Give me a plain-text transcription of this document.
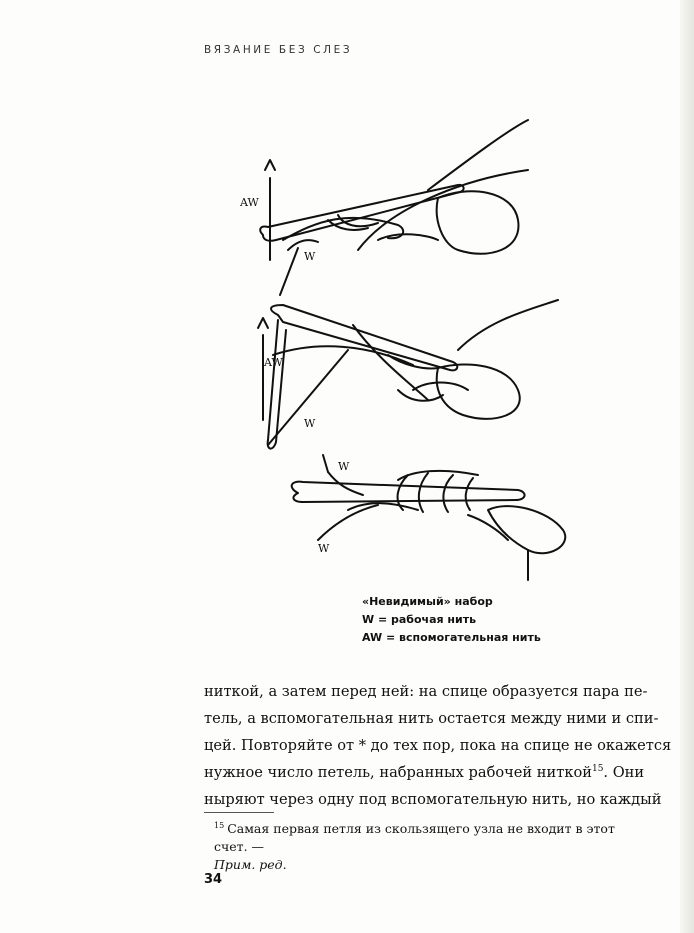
ВЯЗАНИЕ БЕЗ СЛЕЗ
AW
W
AW
W
W
W
«Невидимый» набор
W = рабочая нить
AW = вспомогательная нить
ниткой, а затем перед ней: на спице образуется пара пе-
тель, а вспомогательная нить остается между ними и спи-
цей. Повторяйте от * до тех пор, пока на спице не окажется
нужное число петель, набранных рабочей ниткой$^{15}$. Они
ныряют через одну под вспомогательную нить, но каждый
$^{15}$ Самая первая петля из скользящего узла не входит в этот счет. —
Прим. ред.
34
